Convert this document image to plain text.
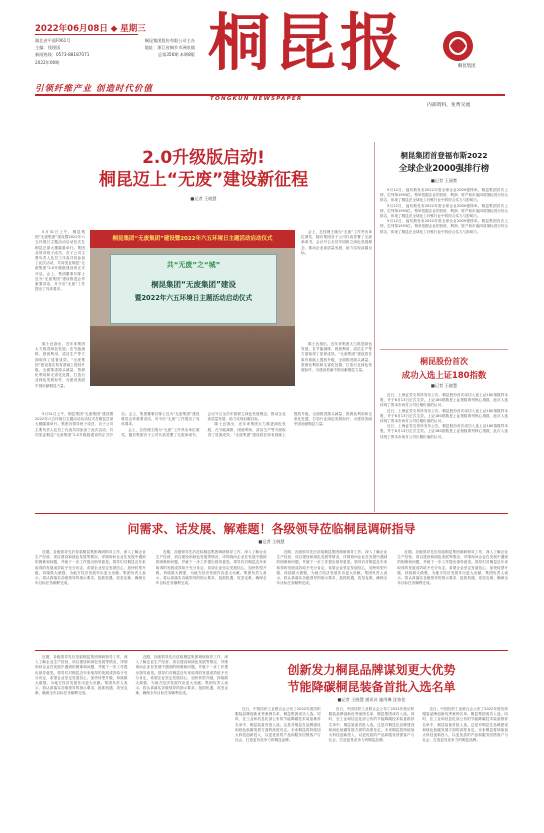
2022年06月08日 ◆ 星期三
湖北省平面F061号	桐昆集团股份有限公司主办
主编：钱建国	地址：浙江省桐乡市洲泉镇
新闻热线：0573-88187071	总第356期 本期8版
2022年06期
引领纤维产业 创造时代价值
桐昆报	桐昆集团
TONGKUN NEWSPAPER
内部资料，免费交流
2.0升级版启动!
桐昆迈上“无废”建设新征程
■记者 王晓慧

5月31日上午，桐昆集团“无废集团”建设暨2022年六五环境日主题活动启动仪式在桐昆总部大楼隆重举行。集团各领导班子成员、各子公司主要负责人及员工代表共同参加了此次活动，共同见证桐昆“无废集团”2.0升级版建设的正式开启。会上，集团董事长陈士良为“无废集团”建设推进会作重要讲话，对今后“无废”工作提出了具体要求。

桐昆集团“无废集团”建设暨2022年六五环境日主题活动启动仪式
共“无废”之“城”
桐昆集团“无废集团”建设
暨2022年六五环境日主题活动启动仪式

会上，总经理王刚为“无废”工作突出单位颁奖，随后集团各子公司代表签署了无废承诺书，会议号召全员牢固树立绿色发展理念，推动企业高质量发展，助力实现双碳目标。

陈士良指出，近年来集团大力推进绿色发展，在节能减排、固废利用、清洁生产等方面取得了显著成效。“无废集团”建设将在原有基础上提档升级，全面推进源头减量、资源化利用和无害化处置，打造行业绿色发展标杆，为建设美丽中国贡献桐昆力量。

陈士良指出，近年来集团大力推进绿色发展，在节能减排、固废利用、清洁生产等方面取得了显著成效。“无废集团”建设将在原有基础上提档升级，全面推进源头减量、资源化利用和无害化处置，打造行业绿色发展标杆，为建设美丽中国贡献桐昆力量。

5月31日上午，桐昆集团“无废集团”建设暨2022年六五环境日主题活动启动仪式在桐昆总部大楼隆重举行。集团各领导班子成员、各子公司主要负责人及员工代表共同参加了此次活动，共同见证桐昆“无废集团”2.0升级版建设的正式开启。会上，集团董事长陈士良为“无废集团”建设推进会作重要讲话，对今后“无废”工作提出了具体要求。

会上，总经理王刚为“无废”工作突出单位颁奖，随后集团各子公司代表签署了无废承诺书，会议号召全员牢固树立绿色发展理念，推动企业高质量发展，助力实现双碳目标。

陈士良指出，近年来集团大力推进绿色发展，在节能减排、固废利用、清洁生产等方面取得了显著成效。“无废集团”建设将在原有基础上提档升级，全面推进源头减量、资源化利用和无害化处置，打造行业绿色发展标杆，为建设美丽中国贡献桐昆力量。

桐昆集团首登福布斯2022
全球企业2000强排行榜
■记者 王丽楚

5月12日，福布斯发布2022年度全球企业2000强榜单。桐昆集团首次上榜，位列第1993位。榜单依据企业的营收、利润、资产和市值四项指标进行综合排名，体现了桐昆在全球化工纤维行业中的综合实力与影响力。

5月12日，福布斯发布2022年度全球企业2000强榜单。桐昆集团首次上榜，位列第1993位。榜单依据企业的营收、利润、资产和市值四项指标进行综合排名，体现了桐昆在全球化工纤维行业中的综合实力与影响力。

5月12日，福布斯发布2022年度全球企业2000强榜单。桐昆集团首次上榜，位列第1993位。榜单依据企业的营收、利润、资产和市值四项指标进行综合排名，体现了桐昆在全球化工纤维行业中的综合实力与影响力。

桐昆股份首次
成功入选上证180指数
■记者 王晓慧

近日，上海证券交易所发布公告，桐昆股份首次成功入选上证180指数样本股，并于6月13日正式生效。上证180指数是上证指数系列核心指数，此次入选体现了资本市场对公司长期价值的认可。

近日，上海证券交易所发布公告，桐昆股份首次成功入选上证180指数样本股，并于6月13日正式生效。上证180指数是上证指数系列核心指数，此次入选体现了资本市场对公司长期价值的认可。

近日，上海证券交易所发布公告，桐昆股份首次成功入选上证180指数样本股，并于6月13日正式生效。上证180指数是上证指数系列核心指数，此次入选体现了资本市场对公司长期价值的认可。

问需求、话发展、解难题！各级领导莅临桐昆调研指导
■记者 王晓慧

近期，各级领导先后莅临桐昆集团调研指导工作，深入了解企业生产经营、项目建设和绿色发展等情况，详细询问企业在发展中遇到的困难和问题，并就下一步工作提出指导意见。领导们对桐昆近年来取得的发展成效给予充分肯定，希望企业坚定发展信心，加快转型升级，持续做大做强，为地方经济发展作出更大贡献。集团负责人表示，将认真落实各级领导的指示要求，抢抓机遇，攻坚克难，确保全年目标任务顺利完成。

近期，各级领导先后莅临桐昆集团调研指导工作，深入了解企业生产经营、项目建设和绿色发展等情况，详细询问企业在发展中遇到的困难和问题，并就下一步工作提出指导意见。领导们对桐昆近年来取得的发展成效给予充分肯定，希望企业坚定发展信心，加快转型升级，持续做大做强，为地方经济发展作出更大贡献。集团负责人表示，将认真落实各级领导的指示要求，抢抓机遇，攻坚克难，确保全年目标任务顺利完成。

近期，各级领导先后莅临桐昆集团调研指导工作，深入了解企业生产经营、项目建设和绿色发展等情况，详细询问企业在发展中遇到的困难和问题，并就下一步工作提出指导意见。领导们对桐昆近年来取得的发展成效给予充分肯定，希望企业坚定发展信心，加快转型升级，持续做大做强，为地方经济发展作出更大贡献。集团负责人表示，将认真落实各级领导的指示要求，抢抓机遇，攻坚克难，确保全年目标任务顺利完成。

近期，各级领导先后莅临桐昆集团调研指导工作，深入了解企业生产经营、项目建设和绿色发展等情况，详细询问企业在发展中遇到的困难和问题，并就下一步工作提出指导意见。领导们对桐昆近年来取得的发展成效给予充分肯定，希望企业坚定发展信心，加快转型升级，持续做大做强，为地方经济发展作出更大贡献。集团负责人表示，将认真落实各级领导的指示要求，抢抓机遇，攻坚克难，确保全年目标任务顺利完成。

近期，各级领导先后莅临桐昆集团调研指导工作，深入了解企业生产经营、项目建设和绿色发展等情况，详细询问企业在发展中遇到的困难和问题，并就下一步工作提出指导意见。领导们对桐昆近年来取得的发展成效给予充分肯定，希望企业坚定发展信心，加快转型升级，持续做大做强，为地方经济发展作出更大贡献。集团负责人表示，将认真落实各级领导的指示要求，抢抓机遇，攻坚克难，确保全年目标任务顺利完成。

近期，各级领导先后莅临桐昆集团调研指导工作，深入了解企业生产经营、项目建设和绿色发展等情况，详细询问企业在发展中遇到的困难和问题，并就下一步工作提出指导意见。领导们对桐昆近年来取得的发展成效给予充分肯定，希望企业坚定发展信心，加快转型升级，持续做大做强，为地方经济发展作出更大贡献。集团负责人表示，将认真落实各级领导的指示要求，抢抓机遇，攻坚克难，确保全年目标任务顺利完成。

创新发力桐昆品牌谋划更大优势
节能降碳桐昆装备首批入选名单
■记者 王晓慧 通讯员 施用琳 沈家伦

近日，中国纺织工业联合会公布了2022年度纺织服装品牌创新优秀案例名单，桐昆集团成功入选。同时，在工业和信息化部公布的节能降碳技术装备推荐名单中，桐昆装备首批入选。这是对桐昆在品牌建设和绿色低碳发展方面的高度肯定。未来桐昆将持续加大科技创新投入，以更优质的产品和服务回馈客户与社会，打造更具竞争力的桐昆品牌。

近日，中国纺织工业联合会公布了2022年度纺织服装品牌创新优秀案例名单，桐昆集团成功入选。同时，在工业和信息化部公布的节能降碳技术装备推荐名单中，桐昆装备首批入选。这是对桐昆在品牌建设和绿色低碳发展方面的高度肯定。未来桐昆将持续加大科技创新投入，以更优质的产品和服务回馈客户与社会，打造更具竞争力的桐昆品牌。

近日，中国纺织工业联合会公布了2022年度纺织服装品牌创新优秀案例名单，桐昆集团成功入选。同时，在工业和信息化部公布的节能降碳技术装备推荐名单中，桐昆装备首批入选。这是对桐昆在品牌建设和绿色低碳发展方面的高度肯定。未来桐昆将持续加大科技创新投入，以更优质的产品和服务回馈客户与社会，打造更具竞争力的桐昆品牌。
